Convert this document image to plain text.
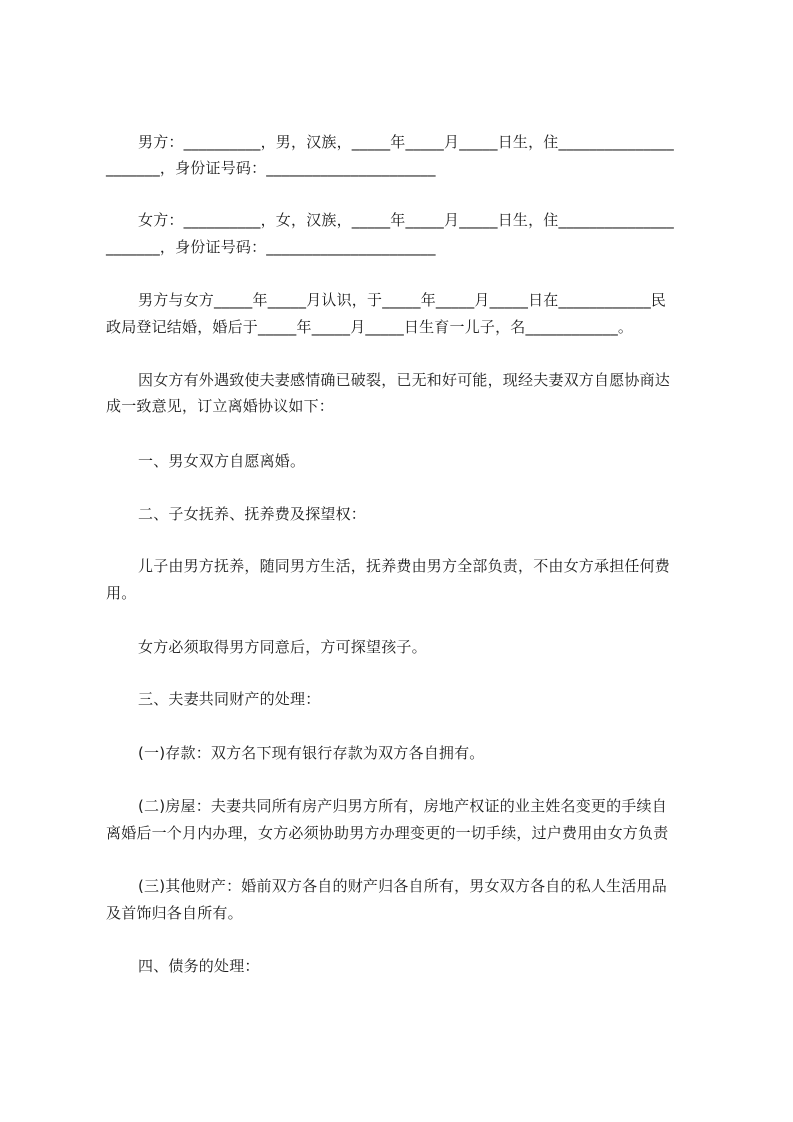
男方：__________，男，汉族，_____年_____月_____日生，住_______________
_______，身份证号码：______________________
女方：__________，女，汉族，_____年_____月_____日生，住_______________
_______，身份证号码：______________________
男方与女方_____年_____月认识，于_____年_____月_____日在____________民
政局登记结婚，婚后于_____年_____月_____日生育一儿子，名____________。
因女方有外遇致使夫妻感情确已破裂，已无和好可能，现经夫妻双方自愿协商达
成一致意见，订立离婚协议如下：
一、男女双方自愿离婚。
二、子女抚养、抚养费及探望权：
儿子由男方抚养，随同男方生活，抚养费由男方全部负责，不由女方承担任何费
用。
女方必须取得男方同意后，方可探望孩子。
三、夫妻共同财产的处理：
(一)存款：双方名下现有银行存款为双方各自拥有。
(二)房屋：夫妻共同所有房产归男方所有，房地产权证的业主姓名变更的手续自
离婚后一个月内办理，女方必须协助男方办理变更的一切手续，过户费用由女方负责
(三)其他财产：婚前双方各自的财产归各自所有，男女双方各自的私人生活用品
及首饰归各自所有。
四、债务的处理：
